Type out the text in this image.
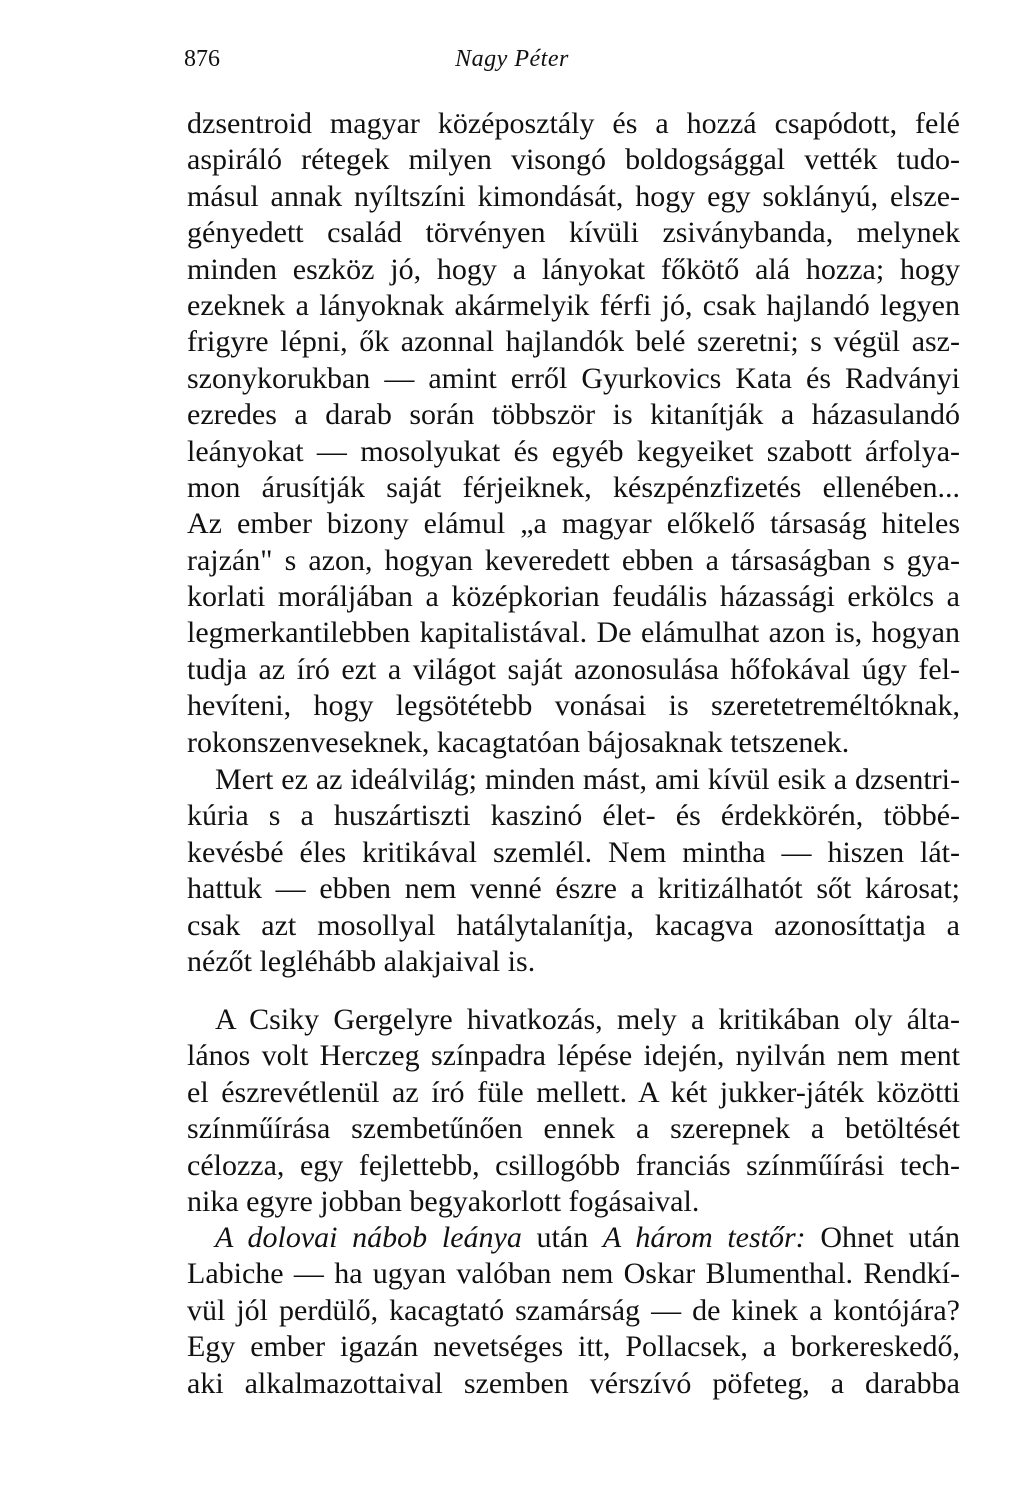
876	Nagy Péter
dzsentroid magyar középosztály és a hozzá csapódott, felé
aspiráló rétegek milyen visongó boldogsággal vették tudo-
másul annak nyíltszíni kimondását, hogy egy soklányú, elsze-
gényedett család törvényen kívüli zsiványbanda, melynek
minden eszköz jó, hogy a lányokat főkötő alá hozza; hogy
ezeknek a lányoknak akármelyik férfi jó, csak hajlandó legyen
frigyre lépni, ők azonnal hajlandók belé szeretni; s végül asz-
szonykorukban — amint erről Gyurkovics Kata és Radványi
ezredes a darab során többször is kitanítják a házasulandó
leányokat — mosolyukat és egyéb kegyeiket szabott árfolya-
mon árusítják saját férjeiknek, készpénzfizetés ellenében...
Az ember bizony elámul „a magyar előkelő társaság hiteles
rajzán" s azon, hogyan keveredett ebben a társaságban s gya-
korlati moráljában a középkorian feudális házassági erkölcs a
legmerkantilebben kapitalistával. De elámulhat azon is, hogyan
tudja az író ezt a világot saját azonosulása hőfokával úgy fel-
hevíteni, hogy legsötétebb vonásai is szeretetreméltóknak,
rokonszenveseknek, kacagtatóan bájosaknak tetszenek.
Mert ez az ideálvilág; minden mást, ami kívül esik a dzsentri-
kúria s a huszártiszti kaszinó élet- és érdekkörén, többé-
kevésbé éles kritikával szemlél. Nem mintha — hiszen lát-
hattuk — ebben nem venné észre a kritizálhatót sőt károsat;
csak azt mosollyal hatálytalanítja, kacagva azonosíttatja a
nézőt legléhább alakjaival is.
A Csiky Gergelyre hivatkozás, mely a kritikában oly álta-
lános volt Herczeg színpadra lépése idején, nyilván nem ment
el észrevétlenül az író füle mellett. A két jukker-játék közötti
színműírása szembetűnően ennek a szerepnek a betöltését
célozza, egy fejlettebb, csillogóbb franciás színműírási tech-
nika egyre jobban begyakorlott fogásaival.
A dolovai nábob leánya után A három testőr: Ohnet után
Labiche — ha ugyan valóban nem Oskar Blumenthal. Rendkí-
vül jól perdülő, kacagtató szamárság — de kinek a kontójára?
Egy ember igazán nevetséges itt, Pollacsek, a borkereskedő,
aki alkalmazottaival szemben vérszívó pöfeteg, a darabba
